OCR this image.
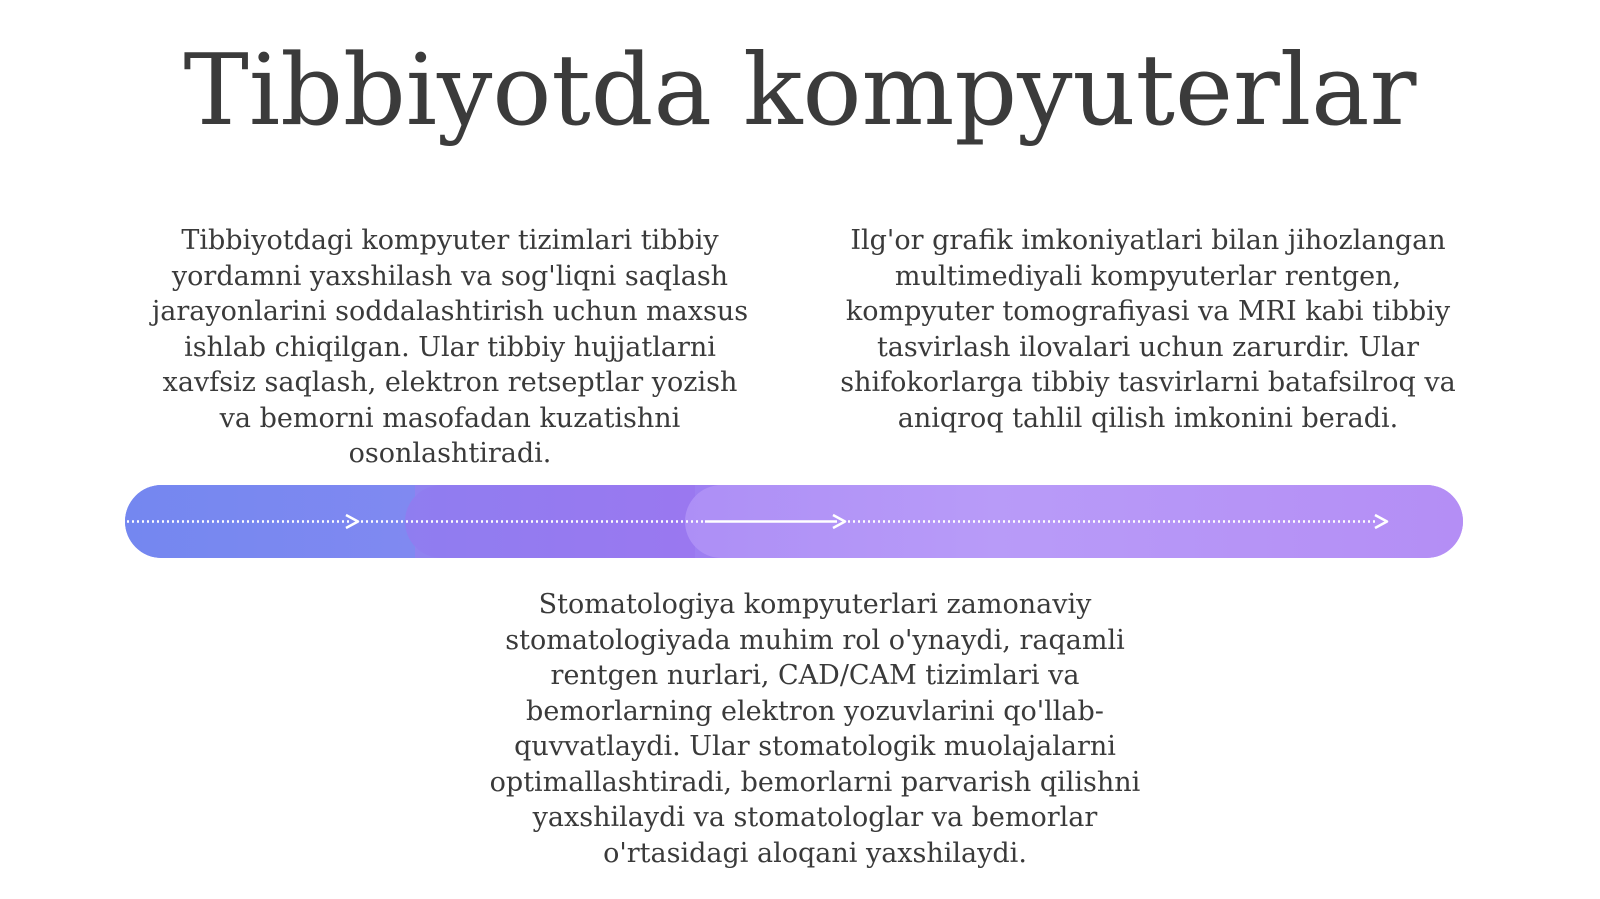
Tibbiyotda kompyuterlar

Tibbiyotdagi kompyuter tizimlari tibbiy yordamni yaxshilash va sog'liqni saqlash jarayonlarini soddalashtirish uchun maxsus ishlab chiqilgan. Ular tibbiy hujjatlarni xavfsiz saqlash, elektron retseptlar yozish va bemorni masofadan kuzatishni osonlashtiradi.

Ilg'or grafik imkoniyatlari bilan jihozlangan multimediyali kompyuterlar rentgen, kompyuter tomografiyasi va MRI kabi tibbiy tasvirlash ilovalari uchun zarurdir. Ular shifokorlarga tibbiy tasvirlarni batafsilroq va aniqroq tahlil qilish imkonini beradi.

Stomatologiya kompyuterlari zamonaviy stomatologiyada muhim rol o'ynaydi, raqamli rentgen nurlari, CAD/CAM tizimlari va bemorlarning elektron yozuvlarini qo'llab-quvvatlaydi. Ular stomatologik muolajalarni optimallashtiradi, bemorlarni parvarish qilishni yaxshilaydi va stomatologlar va bemorlar o'rtasidagi aloqani yaxshilaydi.
